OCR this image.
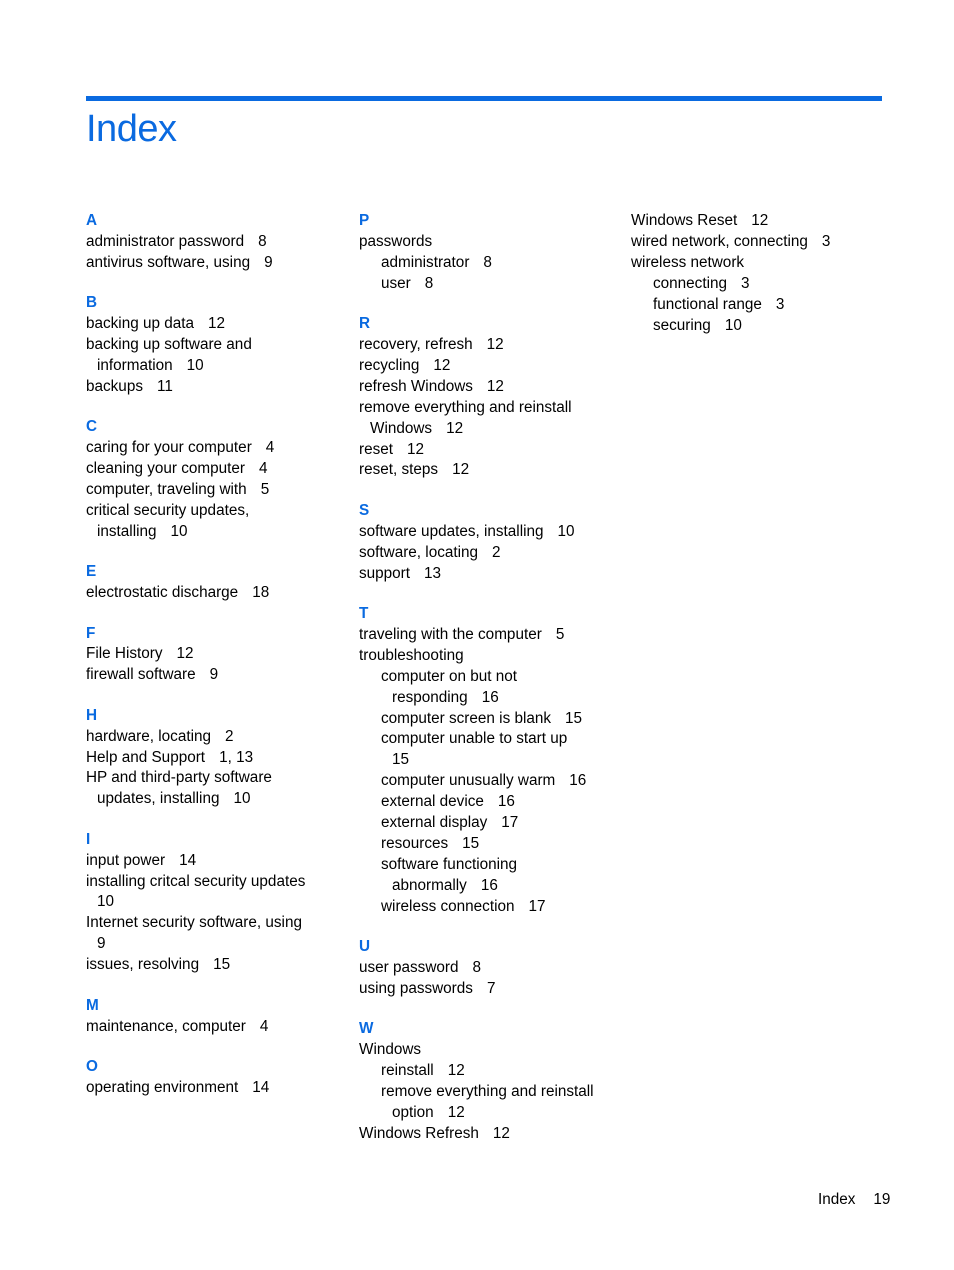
Index
A
administrator password 8
antivirus software, using 9
B
backing up data 12
backing up software and
information 10
backups 11
C
caring for your computer 4
cleaning your computer 4
computer, traveling with 5
critical security updates,
installing 10
E
electrostatic discharge 18
F
File History 12
firewall software 9
H
hardware, locating 2
Help and Support 1, 13
HP and third-party software
updates, installing 10
I
input power 14
installing critcal security updates
10
Internet security software, using
9
issues, resolving 15
M
maintenance, computer 4
O
operating environment 14
P
passwords
administrator 8
user 8
R
recovery, refresh 12
recycling 12
refresh Windows 12
remove everything and reinstall
Windows 12
reset 12
reset, steps 12
S
software updates, installing 10
software, locating 2
support 13
T
traveling with the computer 5
troubleshooting
computer on but not
responding 16
computer screen is blank 15
computer unable to start up
15
computer unusually warm 16
external device 16
external display 17
resources 15
software functioning
abnormally 16
wireless connection 17
U
user password 8
using passwords 7
W
Windows
reinstall 12
remove everything and reinstall
option 12
Windows Refresh 12
Windows Reset 12
wired network, connecting 3
wireless network
connecting 3
functional range 3
securing 10
Index 19
